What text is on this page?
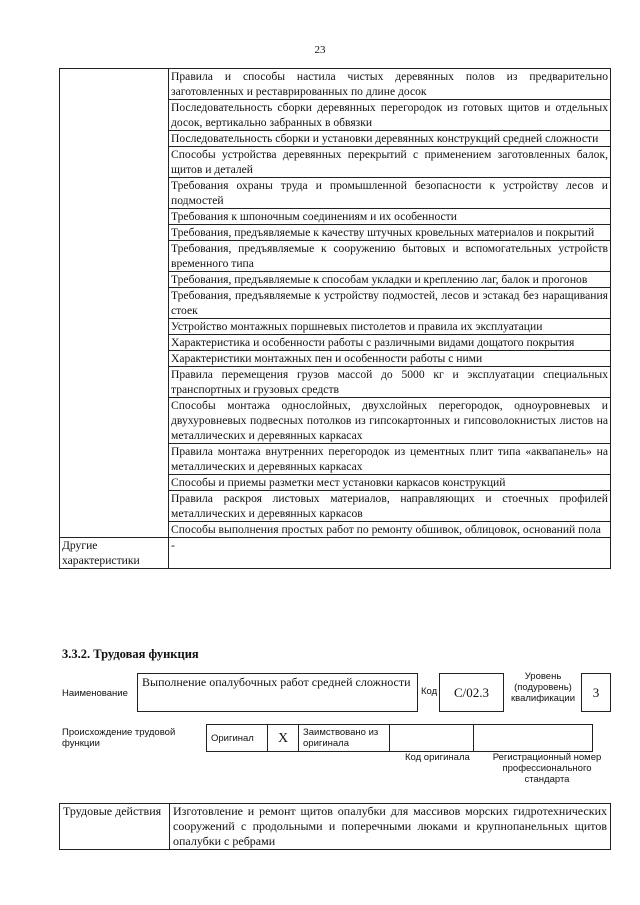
23
	Правила и способы настила чистых деревянных полов из предварительно заготовленных и реставрированных по длине досок
	Последовательность сборки деревянных перегородок из готовых щитов и отдельных досок, вертикально забранных в обвязки
	Последовательность сборки и установки деревянных конструкций средней сложности
	Способы устройства деревянных перекрытий с применением заготовленных балок, щитов и деталей
	Требования охраны труда и промышленной безопасности к устройству лесов и подмостей
	Требования к шпоночным соединениям и их особенности
	Требования, предъявляемые к качеству штучных кровельных материалов и покрытий
	Требования, предъявляемые к сооружению бытовых и вспомогательных устройств временного типа
	Требования, предъявляемые к способам укладки и креплению лаг, балок и прогонов
	Требования, предъявляемые к устройству подмостей, лесов и эстакад без наращивания стоек
	Устройство монтажных поршневых пистолетов и правила их эксплуатации
	Характеристика и особенности работы с различными видами дощатого покрытия
	Характеристики монтажных пен и особенности работы с ними
	Правила перемещения грузов массой до 5000 кг и эксплуатации специальных транспортных и грузовых средств
	Способы монтажа однослойных, двухслойных перегородок, одноуровневых и двухуровневых подвесных потолков из гипсокартонных и гипсоволокнистых листов на металлических и деревянных каркасах
	Правила монтажа внутренних перегородок из цементных плит типа «аквапанель» на металлических и деревянных каркасах
	Способы и приемы разметки мест установки каркасов конструкций
	Правила раскроя листовых материалов, направляющих и стоечных профилей металлических и деревянных каркасов
	Способы выполнения простых работ по ремонту обшивок, облицовок, оснований пола
Другие характеристики	-
3.3.2. Трудовая функция
Наименование
Выполнение опалубочных работ средней сложности
Код	C/02.3
Уровень (подуровень) квалификации	3
Происхождение трудовой функции	Оригинал	X	Заимствовано из оригинала		
Код оригинала	Регистрационный номер профессионального стандарта
Трудовые действия	Изготовление и ремонт щитов опалубки для массивов морских гидротехнических сооружений с продольными и поперечными люками и крупнопанельных щитов опалубки с ребрами
